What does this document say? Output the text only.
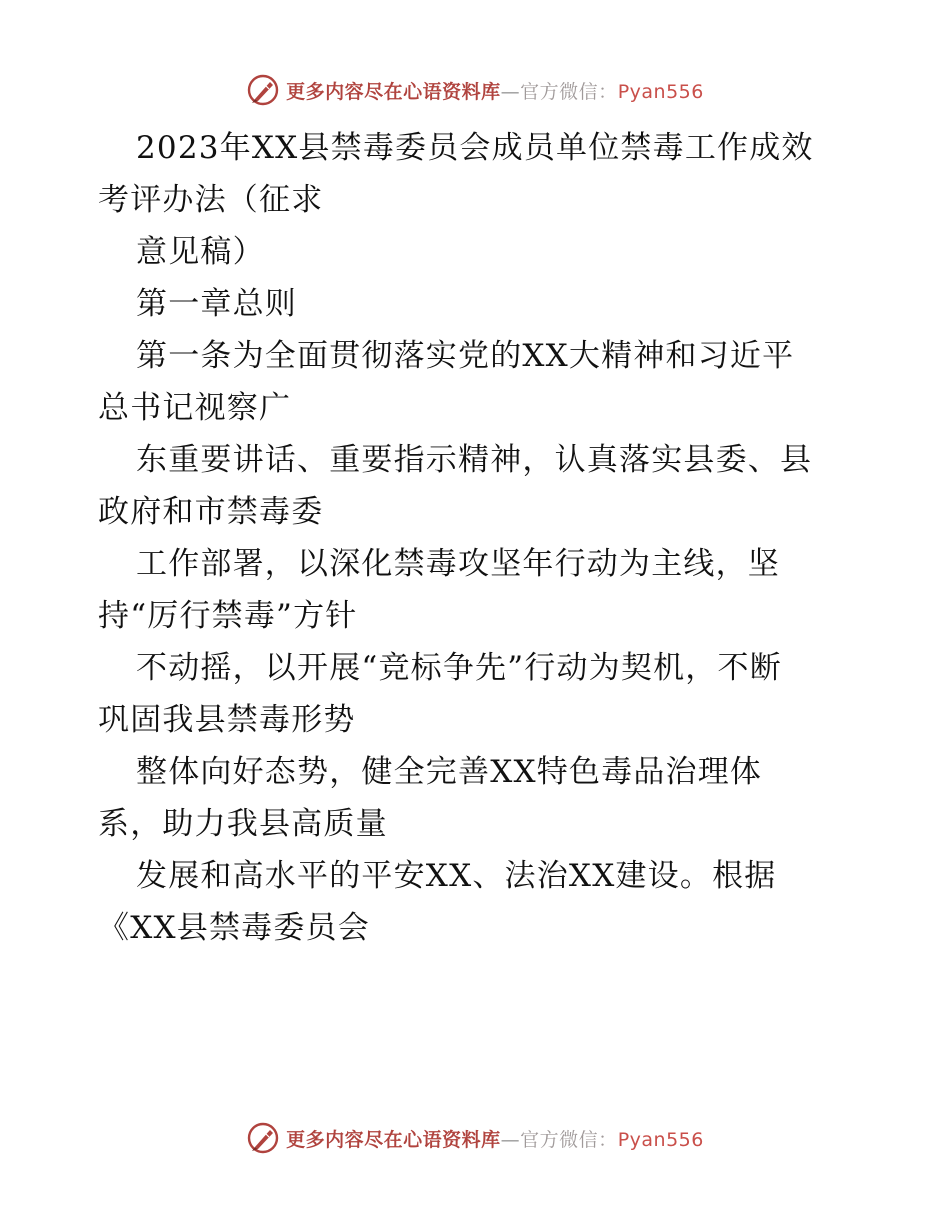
更多内容尽在心语资料库—官方微信：Pyan556
2023年XX县禁毒委员会成员单位禁毒工作成效
考评办法（征求
意见稿）
第一章总则
第一条为全面贯彻落实党的XX大精神和习近平
总书记视察广
东重要讲话、重要指示精神，认真落实县委、县
政府和市禁毒委
工作部署，以深化禁毒攻坚年行动为主线，坚
持“厉行禁毒”方针
不动摇，以开展“竞标争先”行动为契机，不断
巩固我县禁毒形势
整体向好态势，健全完善XX特色毒品治理体
系，助力我县高质量
发展和高水平的平安XX、法治XX建设。根据
《XX县禁毒委员会
更多内容尽在心语资料库—官方微信：Pyan556
